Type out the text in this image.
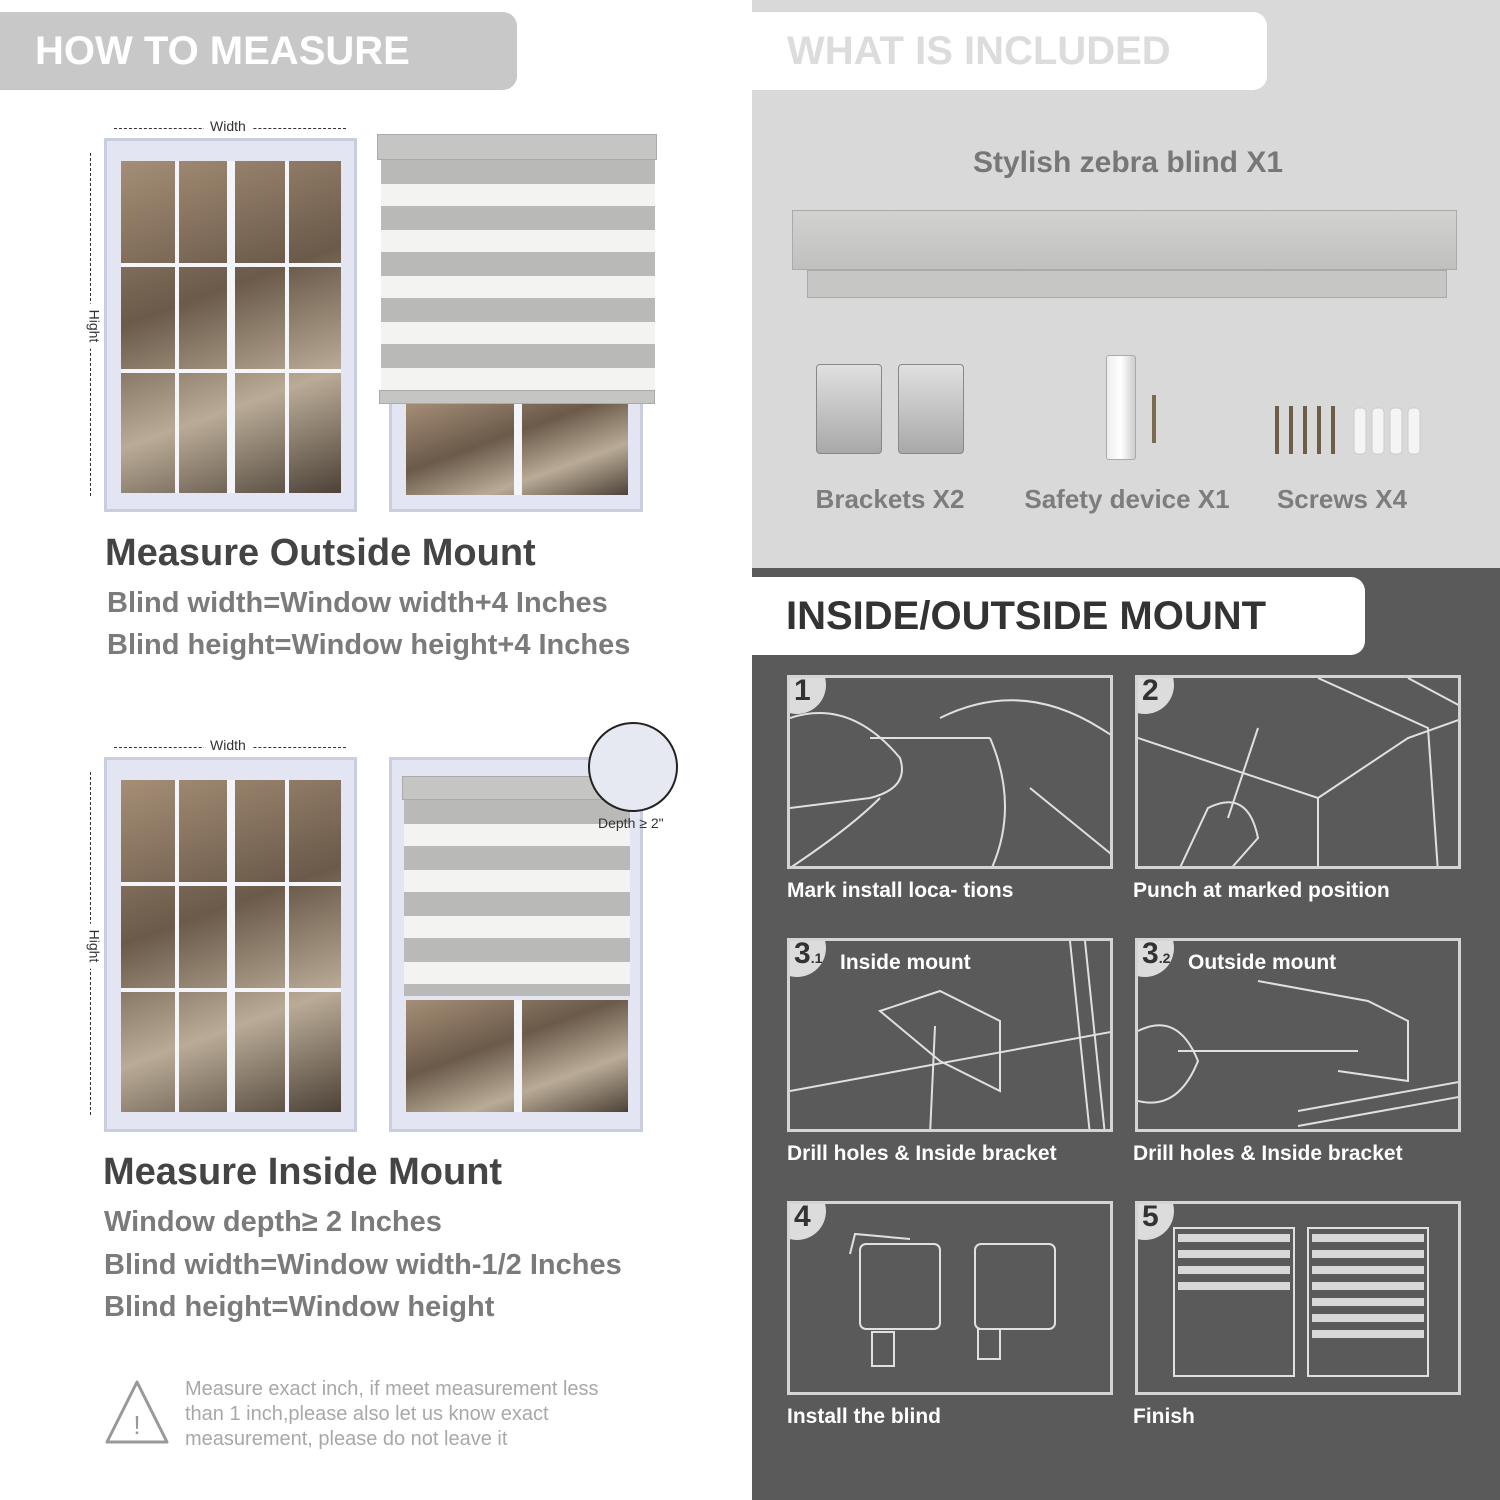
HOW TO MEASURE
Width
Hight
Measure Outside Mount
Blind width=Window width+4 Inches
Blind height=Window height+4 Inches
Width
Hight
Depth ≥ 2"
Measure Inside Mount
Window depth≥ 2 Inches
Blind width=Window width-1/2 Inches
Blind height=Window height
!
Measure exact inch, if meet measurement less
than 1 inch,please also let us know exact
measurement, please do not leave it
WHAT IS INCLUDED
Stylish zebra blind X1
Brackets X2	Safety device X1	Screws X4
INSIDE/OUTSIDE MOUNT
1
Mark install loca- tions
2
Punch at marked position
3.1 Inside mount
Drill holes & Inside bracket
3.2 Outside mount
Drill holes & Inside bracket
4
Install the blind
5
Finish
